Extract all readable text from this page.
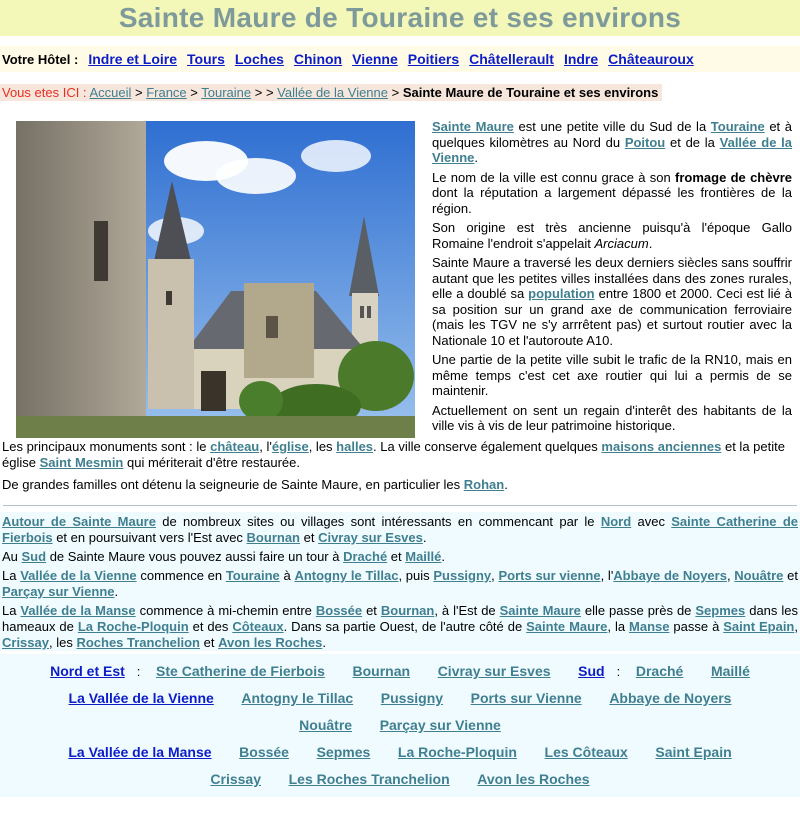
Sainte Maure de Touraine et ses environs
Votre Hôtel : Indre et Loire Tours Loches Chinon Vienne Poitiers Châtellerault Indre Châteauroux
Vous etes ICI : Accueil > France > Touraine > > Vallée de la Vienne > Sainte Maure de Touraine et ses environs

Sainte Maure est une petite ville du Sud de la Touraine et à quelques kilomètres au Nord du Poitou et de la Vallée de la Vienne.

Le nom de la ville est connu grace à son fromage de chèvre dont la réputation a largement dépassé les frontières de la région.

Son origine est très ancienne puisqu'à l'époque Gallo Romaine l'endroit s'appelait Arciacum.

Sainte Maure a traversé les deux derniers siècles sans souffrir autant que les petites villes installées dans des zones rurales, elle a doublé sa population entre 1800 et 2000. Ceci est lié à sa position sur un grand axe de communication ferroviaire (mais les TGV ne s'y arrrêtent pas) et surtout routier avec la Nationale 10 et l'autoroute A10.

Une partie de la petite ville subit le trafic de la RN10, mais en même temps c'est cet axe routier qui lui a permis de se maintenir.

Actuellement on sent un regain d'interêt des habitants de la ville vis à vis de leur patrimoine historique.

Les principaux monuments sont : le château, l'église, les halles. La ville conserve également quelques maisons anciennes et la petite église Saint Mesmin qui mériterait d'être restaurée.

De grandes familles ont détenu la seigneurie de Sainte Maure, en particulier les Rohan.

Autour de Sainte Maure de nombreux sites ou villages sont intéressants en commencant par le Nord avec Sainte Catherine de Fierbois et en poursuivant vers l'Est avec Bournan et Civray sur Esves.

Au Sud de Sainte Maure vous pouvez aussi faire un tour à Draché et Maillé.

La Vallée de la Vienne commence en Touraine à Antogny le Tillac, puis Pussigny, Ports sur vienne, l'Abbaye de Noyers, Nouâtre et Parçay sur Vienne.

La Vallée de la Manse commence à mi-chemin entre Bossée et Bournan, à l'Est de Sainte Maure elle passe près de Sepmes dans les hameaux de La Roche-Ploquin et des Côteaux. Dans sa partie Ouest, de l'autre côté de Sainte Maure, la Manse passe à Saint Epain, Crissay, les Roches Tranchelion et Avon les Roches.

Nord et Est : Ste Catherine de Fierbois Bournan Civray sur Esves Sud : Draché Maillé
La Vallée de la Vienne Antogny le Tillac Pussigny Ports sur Vienne Abbaye de Noyers
Nouâtre Parçay sur Vienne
La Vallée de la Manse Bossée Sepmes La Roche-Ploquin Les Côteaux Saint Epain
Crissay Les Roches Tranchelion Avon les Roches
